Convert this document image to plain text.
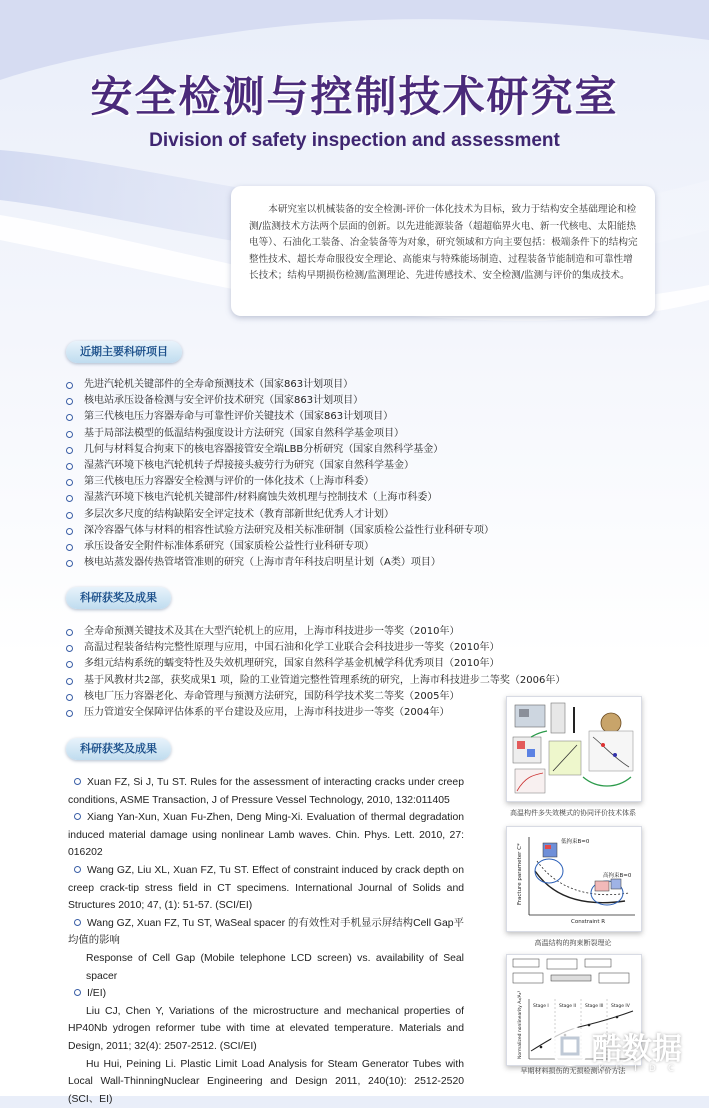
安全检测与控制技术研究室
Division of safety inspection and assessment
本研究室以机械装备的安全检测-评价一体化技术为目标，致力于结构安全基础理论和检测/监测技术方法两个层面的创新。以先进能源装备（超超临界火电、新一代核电、太阳能热电等）、石油化工装备、冶金装备等为对象，研究领域和方向主要包括：极端条件下的结构完整性技术、超长寿命服役安全理论、高能束与特殊能场制造、过程装备节能制造和可靠性增长技术；结构早期损伤检测/监测理论、先进传感技术、安全检测/监测与评价的集成技术。
近期主要科研项目
先进汽轮机关键部件的全寿命预测技术（国家863计划项目）
核电站承压设备检测与安全评价技术研究（国家863计划项目）
第三代核电压力容器寿命与可靠性评价关键技术（国家863计划项目）
基于局部法模型的低温结构强度设计方法研究（国家自然科学基金项目）
几何与材料复合拘束下的核电容器接管安全端LBB分析研究（国家自然科学基金）
湿蒸汽环境下核电汽轮机转子焊接接头疲劳行为研究（国家自然科学基金）
第三代核电压力容器安全检测与评价的一体化技术（上海市科委）
湿蒸汽环境下核电汽轮机关键部件/材料腐蚀失效机理与控制技术（上海市科委）
多层次多尺度的结构缺陷安全评定技术（教育部新世纪优秀人才计划）
深冷容器气体与材料的相容性试验方法研究及相关标准研制（国家质检公益性行业科研专项）
承压设备安全附件标准体系研究（国家质检公益性行业科研专项）
核电站蒸发器传热管堵管准则的研究（上海市青年科技启明星计划（A类）项目）
科研获奖及成果
全寿命预测关键技术及其在大型汽轮机上的应用，上海市科技进步一等奖（2010年）
高温过程装备结构完整性原理与应用，中国石油和化学工业联合会科技进步一等奖（2010年）
多组元结构系统的蠕变特性及失效机理研究，国家自然科学基金机械学科优秀项目（2010年）
基于风教材共2部，获奖成果1 项，险的工业管道完整性管理系统的研究，上海市科技进步二等奖（2006年）
核电厂压力容器老化、寿命管理与预测方法研究，国防科学技术奖二等奖（2005年）
压力管道安全保障评估体系的平台建设及应用，上海市科技进步一等奖（2004年）
科研获奖及成果

Xuan FZ, Si J, Tu ST. Rules for the assessment of interacting cracks under creep conditions, ASME Transaction, J of Pressure Vessel Technology, 2010, 132:011405

Xiang Yan-Xun, Xuan Fu-Zhen, Deng Ming-Xi. Evaluation of thermal degradation induced material damage using nonlinear Lamb waves. Chin. Phys. Lett. 2010, 27: 016202

Wang GZ, Liu XL, Xuan FZ, Tu ST. Effect of constraint induced by crack depth on creep crack-tip stress field in CT specimens. International Journal of Solids and Structures 2010; 47, (1): 51-57. (SCI/EI)

Wang GZ, Xuan FZ, Tu ST, WaSeal spacer 的有效性对手机显示屏结构Cell Gap平均值的影响

Response of Cell Gap (Mobile telephone LCD screen) vs. availability of Seal spacer

I/EI)

Liu CJ, Chen Y, Variations of the microstructure and mechanical properties of HP40Nb ydrogen reformer tube with time at elevated temperature. Materials and Design, 2011; 32(4): 2507-2512. (SCI/EI)

Hu Hui, Peining Li. Plastic Limit Load Analysis for Steam Generator Tubes with Local Wall-ThinningNuclear Engineering and Design 2011, 240(10): 2512-2520 (SCI、EI)

高温构件多失效模式的协同评价技术体系
低拘束B=0
高拘束B=0
Constraint R
Fracture parameter C*
高温结构的拘束断裂理论
Stage I Stage II Stage III Stage IV
Normalized nonlinearity A₂/A₁²
早期材料损伤的无损检测评价方法
酷数据
KUIDC
